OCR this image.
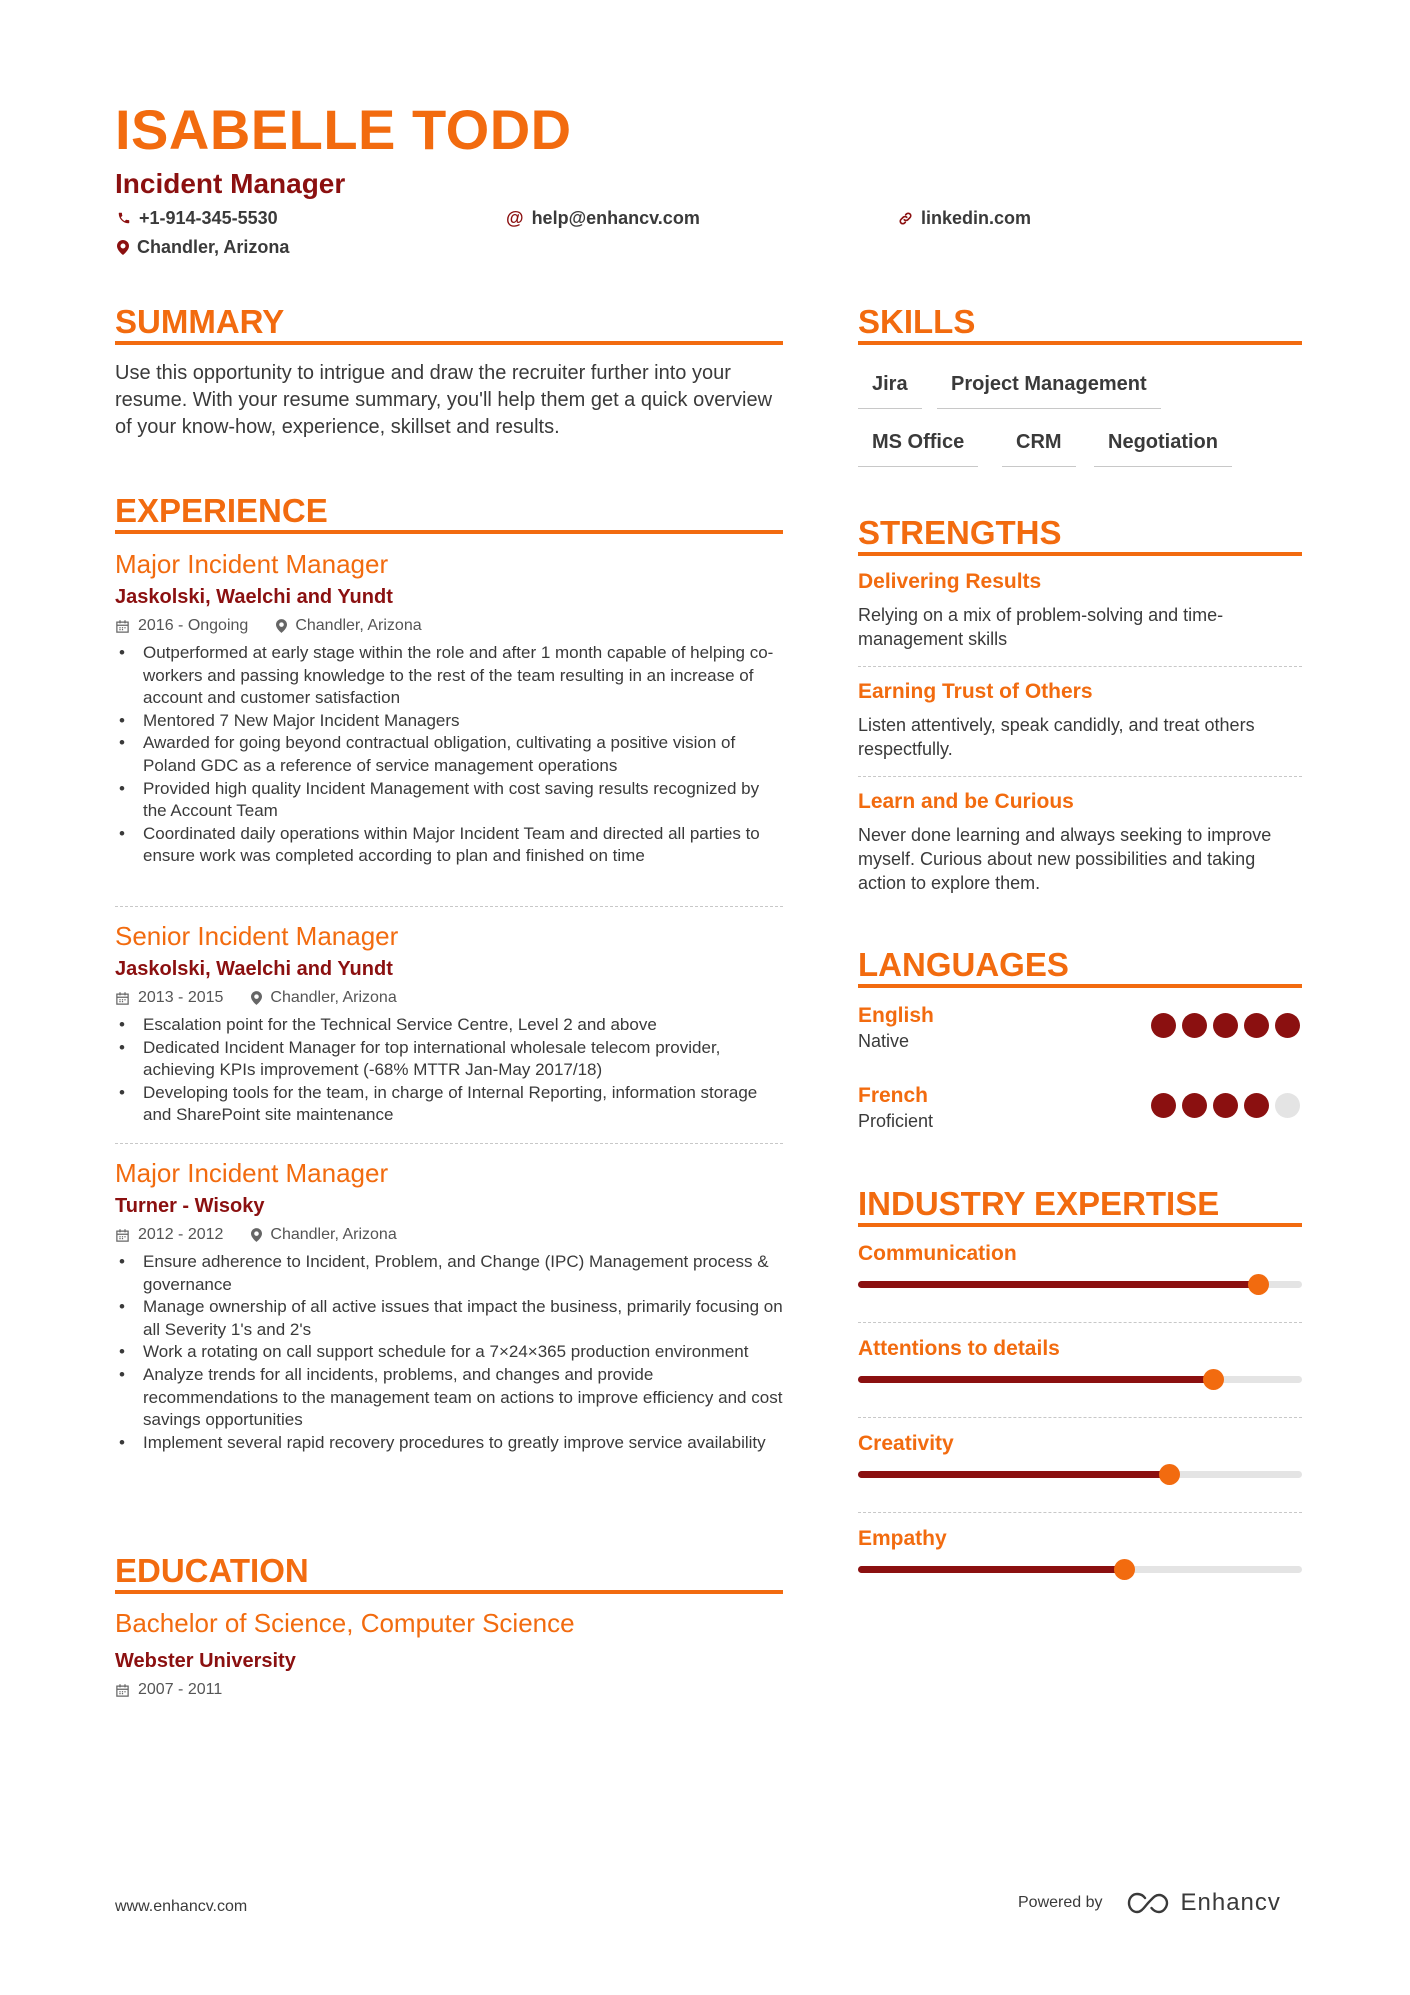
ISABELLE TODD
Incident Manager
+1-914-345-5530	@ help@enhancv.com	linkedin.com
Chandler, Arizona
SUMMARY
Use this opportunity to intrigue and draw the recruiter further into your resume. With your resume summary, you'll help them get a quick overview of your know-how, experience, skillset and results.
EXPERIENCE
Major Incident Manager
Jaskolski, Waelchi and Yundt
2016 - Ongoing	Chandler, Arizona
• Outperformed at early stage within the role and after 1 month capable of helping co-workers and passing knowledge to the rest of the team resulting in an increase of account and customer satisfaction
• Mentored 7 New Major Incident Managers
• Awarded for going beyond contractual obligation, cultivating a positive vision of Poland GDC as a reference of service management operations
• Provided high quality Incident Management with cost saving results recognized by the Account Team
• Coordinated daily operations within Major Incident Team and directed all parties to ensure work was completed according to plan and finished on time
Senior Incident Manager
Jaskolski, Waelchi and Yundt
2013 - 2015	Chandler, Arizona
• Escalation point for the Technical Service Centre, Level 2 and above
• Dedicated Incident Manager for top international wholesale telecom provider, achieving KPIs improvement (-68% MTTR Jan-May 2017/18)
• Developing tools for the team, in charge of Internal Reporting, information storage and SharePoint site maintenance
Major Incident Manager
Turner - Wisoky
2012 - 2012	Chandler, Arizona
• Ensure adherence to Incident, Problem, and Change (IPC) Management process & governance
• Manage ownership of all active issues that impact the business, primarily focusing on all Severity 1's and 2's
• Work a rotating on call support schedule for a 7×24×365 production environment
• Analyze trends for all incidents, problems, and changes and provide recommendations to the management team on actions to improve efficiency and cost savings opportunities
• Implement several rapid recovery procedures to greatly improve service availability
EDUCATION
Bachelor of Science, Computer Science
Webster University
2007 - 2011
SKILLS
Jira	Project Management
MS Office	CRM	Negotiation
STRENGTHS
Delivering Results
Relying on a mix of problem-solving and time-management skills
Earning Trust of Others
Listen attentively, speak candidly, and treat others respectfully.
Learn and be Curious
Never done learning and always seeking to improve myself. Curious about new possibilities and taking action to explore them.
LANGUAGES
English
Native
French
Proficient
INDUSTRY EXPERTISE
Communication
Attentions to details
Creativity
Empathy
www.enhancv.com	Powered by	Enhancv
